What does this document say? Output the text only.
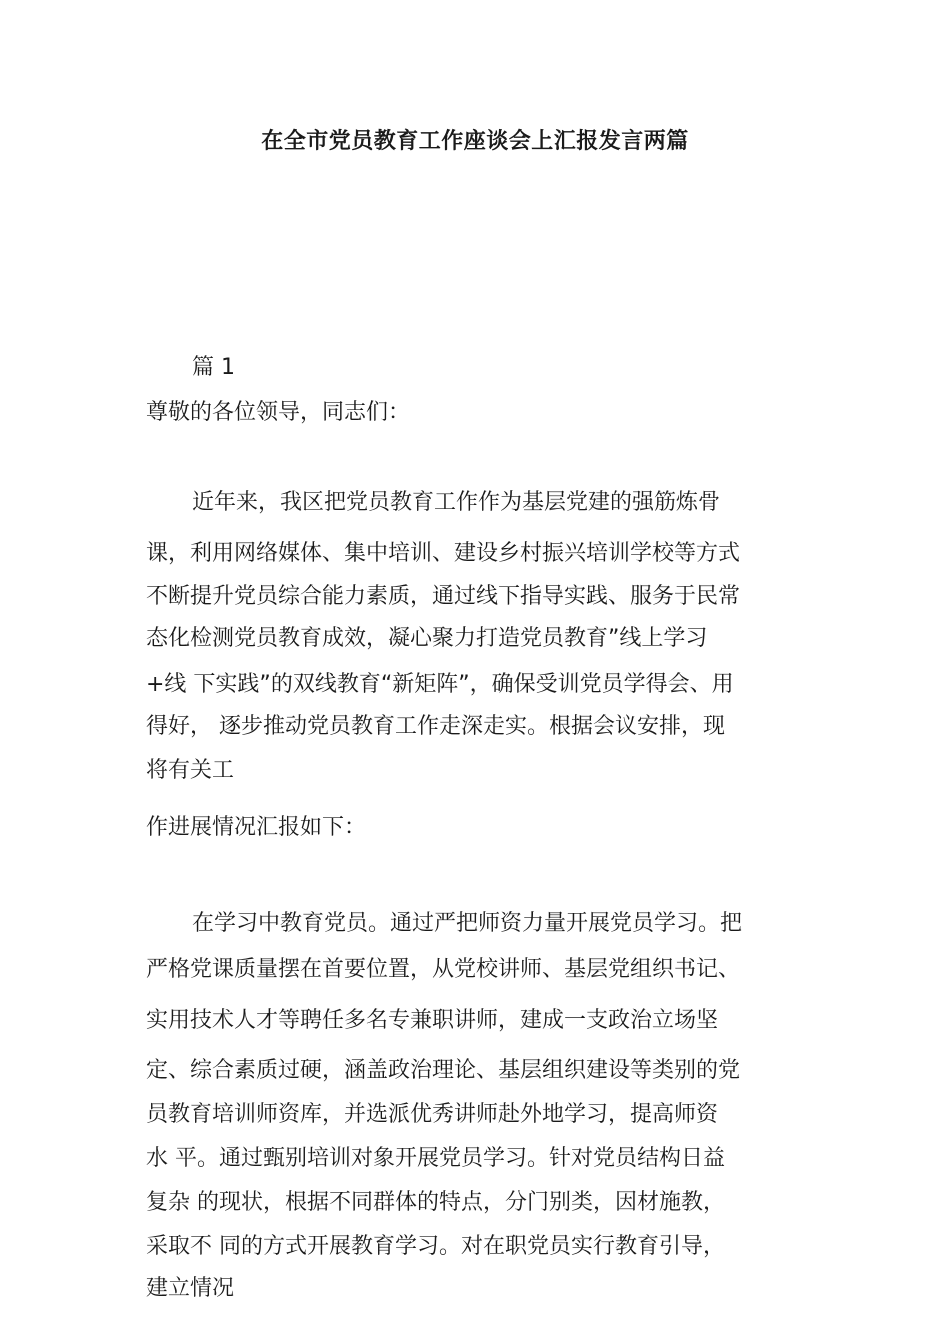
在全市党员教育工作座谈会上汇报发言两篇
篇 1
尊敬的各位领导，同志们：
近年来，我区把党员教育工作作为基层党建的强筋炼骨
课，利用网络媒体、集中培训、建设乡村振兴培训学校等方式
不断提升党员综合能力素质，通过线下指导实践、服务于民常
态化检测党员教育成效，凝心聚力打造党员教育”线上学习
+线 下实践”的双线教育“新矩阵”，确保受训党员学得会、用
得好， 逐步推动党员教育工作走深走实。根据会议安排，现
将有关工
作进展情况汇报如下：
在学习中教育党员。通过严把师资力量开展党员学习。把
严格党课质量摆在首要位置，从党校讲师、基层党组织书记、
实用技术人才等聘任多名专兼职讲师，建成一支政治立场坚
定、综合素质过硬，涵盖政治理论、基层组织建设等类别的党
员教育培训师资库，并选派优秀讲师赴外地学习，提高师资
水 平。通过甄别培训对象开展党员学习。针对党员结构日益
复杂 的现状，根据不同群体的特点，分门别类，因材施教，
采取不 同的方式开展教育学习。对在职党员实行教育引导，
建立情况
